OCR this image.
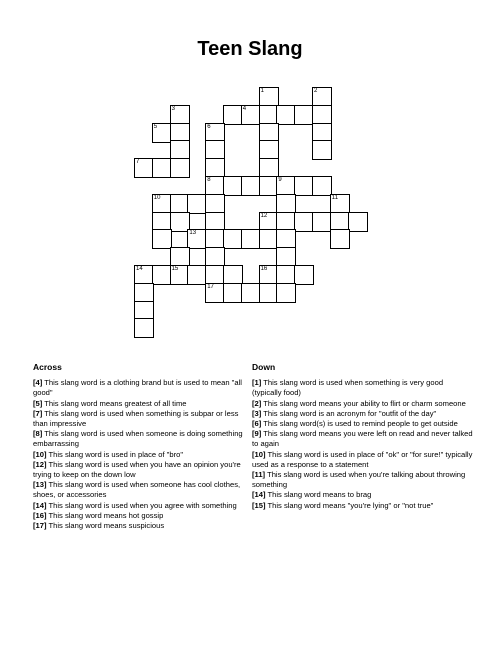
Teen Slang
1	2
3	4
5	6
7
8	9
10	11
12
13
14	15	16
17
Across

[4] This slang word is a clothing brand but is used to mean "all good"

[5] This slang word means greatest of all time

[7] This slang word is used when something is subpar or less than impressive

[8] This slang word is used when someone is doing something embarrassing

[10] This slang word is used in place of "bro"

[12] This slang word is used when you have an opinion you're trying to keep on the down low

[13] This slang word is used when someone has cool clothes, shoes, or accessories

[14] This slang word is used when you agree with something

[16] This slang word means hot gossip

[17] This slang word means suspicious

Down

[1] This slang word is used when something is very good (typically food)

[2] This slang word means your ability to flirt or charm someone

[3] This slang word is an acronym for "outfit of the day"

[6] This slang word(s) is used to remind people to get outside

[9] This slang word means you were left on read and never talked to again

[10] This slang word is used in place of "ok" or "for sure!" typically used as a response to a statement

[11] This slang word is used when you're talking about throwing something

[14] This slang word means to brag

[15] This slang word means "you're lying" or "not true"
